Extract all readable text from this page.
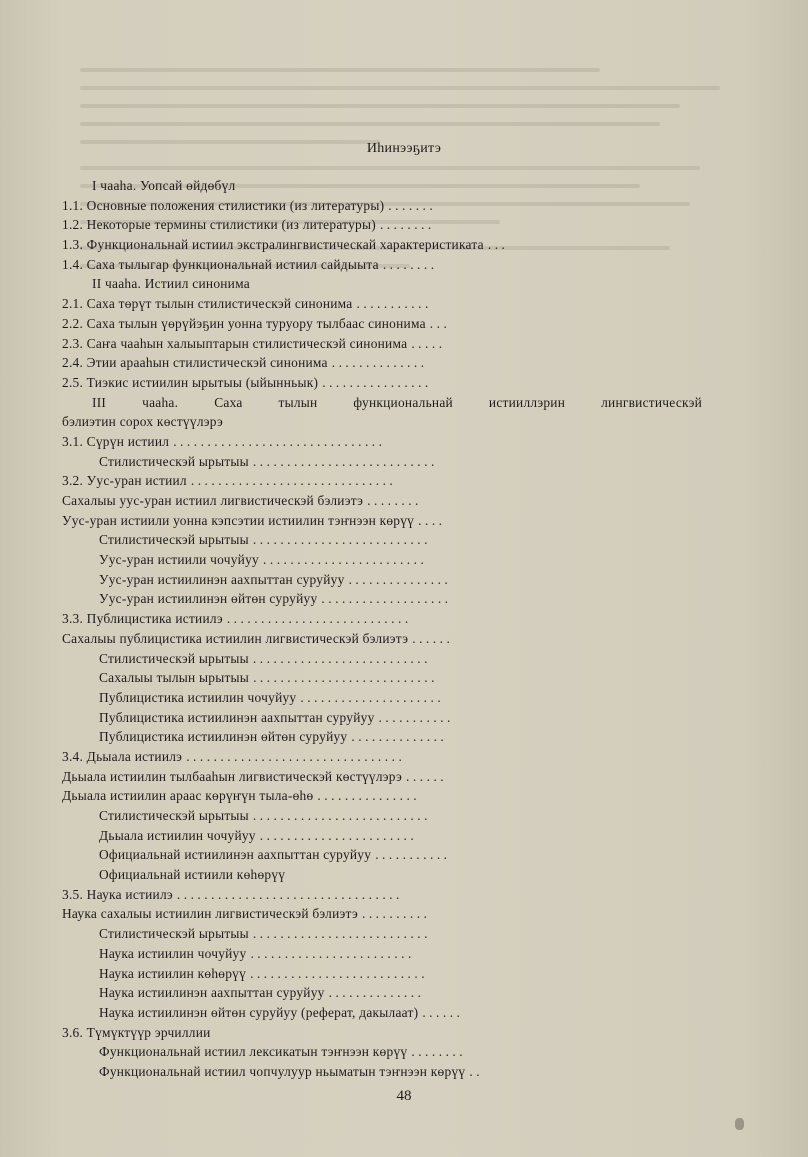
Иһинээҕитэ
I чааһа. Уопсай өйдөбүл
1.1. Основные положения стилистики (из литературы) .......
1.2. Некоторые термины стилистики (из литературы) ........
1.3. Функциональнай истиил экстралингвистическай характеристиката ...
1.4. Саха тылыгар функциональнай истиил сайдыыта ........
II чааһа. Истиил синонима
2.1. Саха төрүт тылын стилистическэй синонима ...........
2.2. Саха тылын үөрүйэҕин уонна туруору тылбаас синонима ...
2.3. Саҥа чааһын халыыптарын стилистическэй синонима .....
2.4. Этии арааһын стилистическэй синонима ..............
2.5. Тиэкис истиилин ырытыы (ыйынньык) ................
III чааһа. Саха тылын функциональнай истииллэрин лингвистическэй
бэлиэтин сорох көстүүлэрэ
3.1. Сүрүн истиил ...............................
Стилистическэй ырытыы ...........................
3.2. Уус-уран истиил ..............................
Сахалыы уус-уран истиил лигвистическэй бэлиэтэ ........
Уус-уран истиили уонна кэпсэтии истиилин тэҥнээн көрүү ....
Стилистическэй ырытыы ..........................
Уус-уран истиили чочуйуу ........................
Уус-уран истиилинэн аахпыттан суруйуу ...............
Уус-уран истиилинэн өйтөн суруйуу ...................
3.3. Публицистика истиилэ ...........................
Сахалыы публицистика истиилин лигвистическэй бэлиэтэ ......
Стилистическэй ырытыы ..........................
Сахалыы тылын ырытыы ...........................
Публицистика истиилин чочуйуу .....................
Публицистика истиилинэн аахпыттан суруйуу ...........
Публицистика истиилинэн өйтөн суруйуу ..............
3.4. Дьыала истиилэ ................................
Дьыала истиилин тылбааһын лигвистическэй көстүүлэрэ ......
Дьыала истиилин араас көрүҥүн тыла-өһө ...............
Стилистическэй ырытыы ..........................
Дьыала истиилин чочуйуу .......................
Официальнай истиилинэн аахпыттан суруйуу ...........
Официальнай истиили көһөрүү
3.5. Наука истиилэ .................................
Наука сахалыы истиилин лигвистическэй бэлиэтэ ..........
Стилистическэй ырытыы ..........................
Наука истиилин чочуйуу ........................
Наука истиилин көһөрүү ..........................
Наука истиилинэн аахпыттан суруйуу ..............
Наука истиилинэн өйтөн суруйуу (реферат, дакылаат) ......
3.6. Түмүктүүр эрчиллии
Функциональнай истиил лексикатын тэҥнээн көрүү ........
Функциональнай истиил чопчулуур ньыматын тэҥнээн көрүү ..
48
